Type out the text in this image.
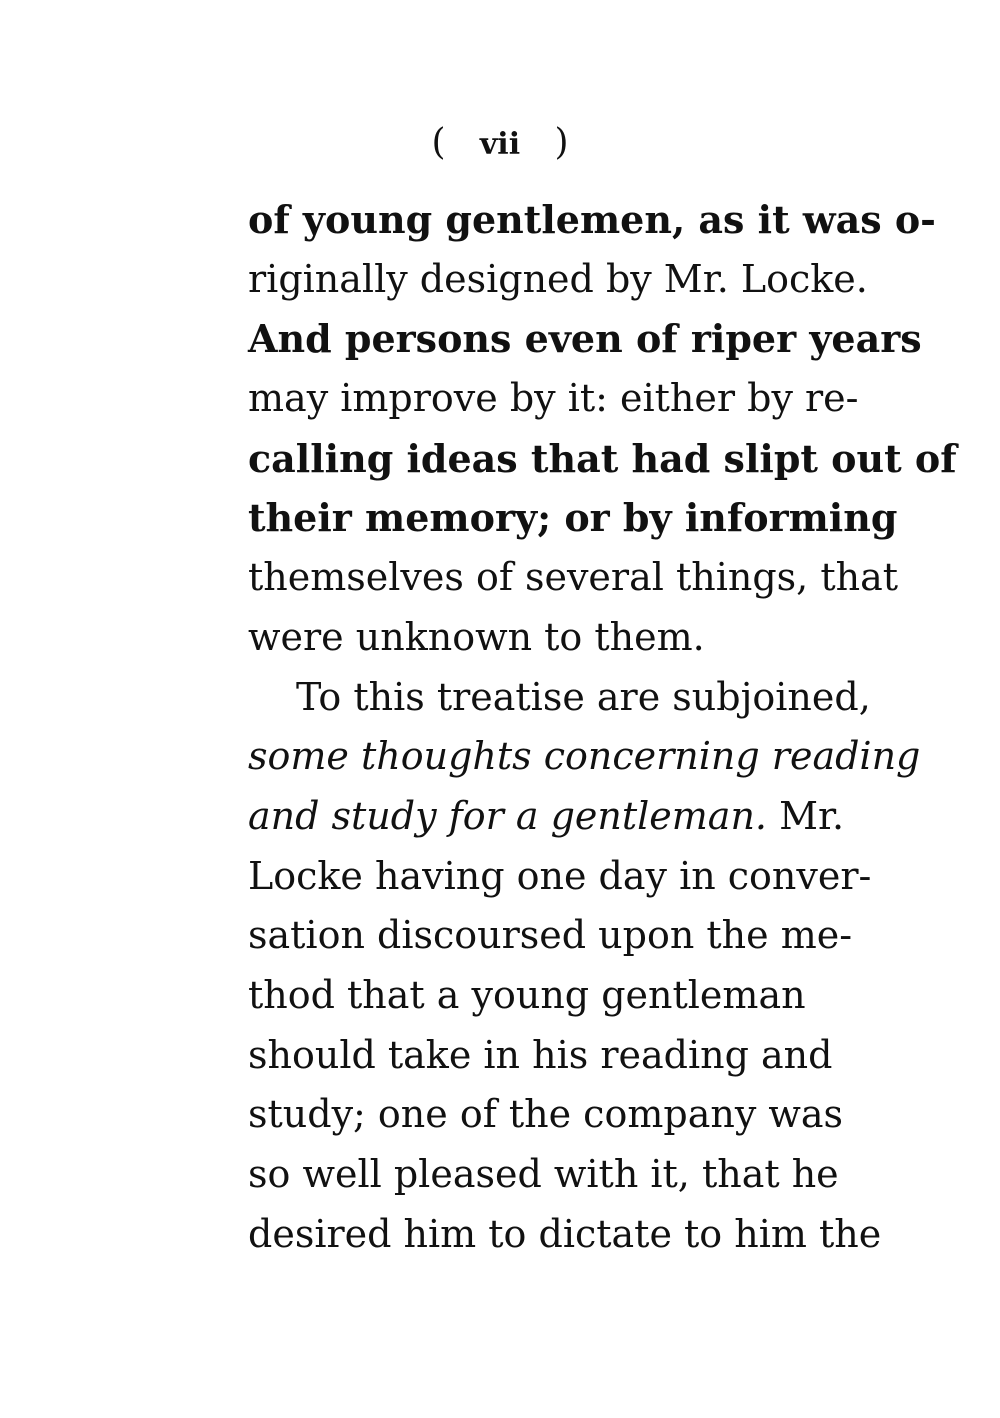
( vii )
of young gentlemen, as it was o-
riginally designed by Mr. Locke.
And persons even of riper years
may improve by it: either by re-
calling ideas that had slipt out of
their memory; or by informing
themselves of several things, that
were unknown to them.
To this treatise are subjoined,
some thoughts concerning reading
and study for a gentleman. Mr.
Locke having one day in conver-
sation discoursed upon the me-
thod that a young gentleman
should take in his reading and
study; one of the company was
so well pleased with it, that he
desired him to dictate to him the
